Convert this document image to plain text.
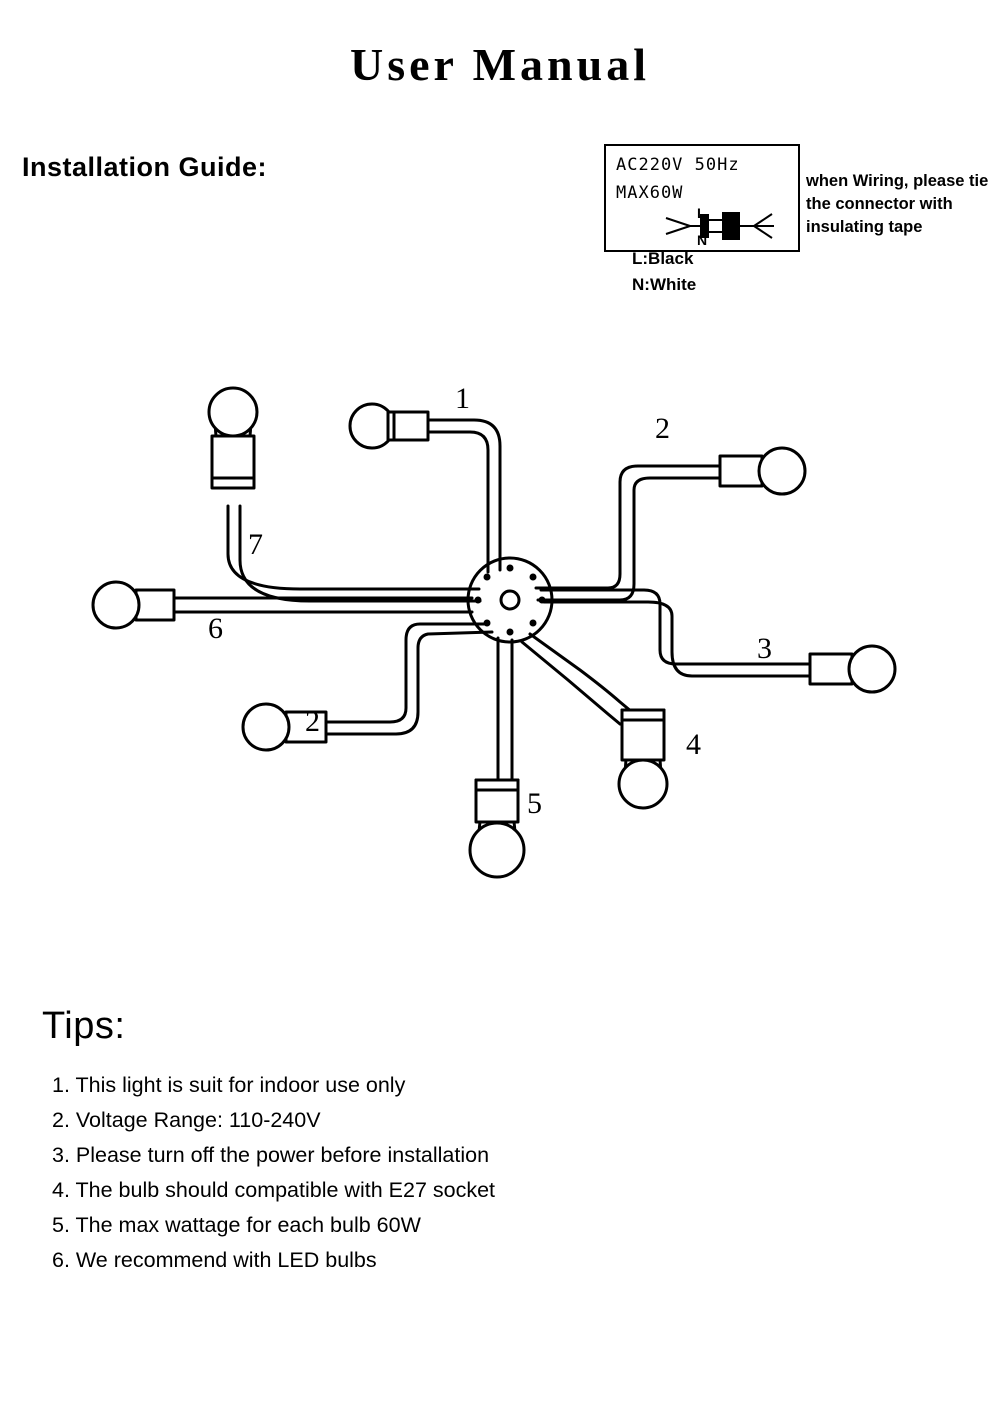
User Manual
Installation Guide:	AC220V 50Hz
MAX60W
L
N
L:Black
N:White
when Wiring, please tie the connector with insulating tape
1
2
7
6
2
3
4
5
Tips:
1. This light is suit for indoor use only
2. Voltage Range: 110-240V
3. Please turn off the power before installation
4. The bulb should compatible with E27 socket
5. The max wattage for each bulb 60W
6. We recommend with LED bulbs
